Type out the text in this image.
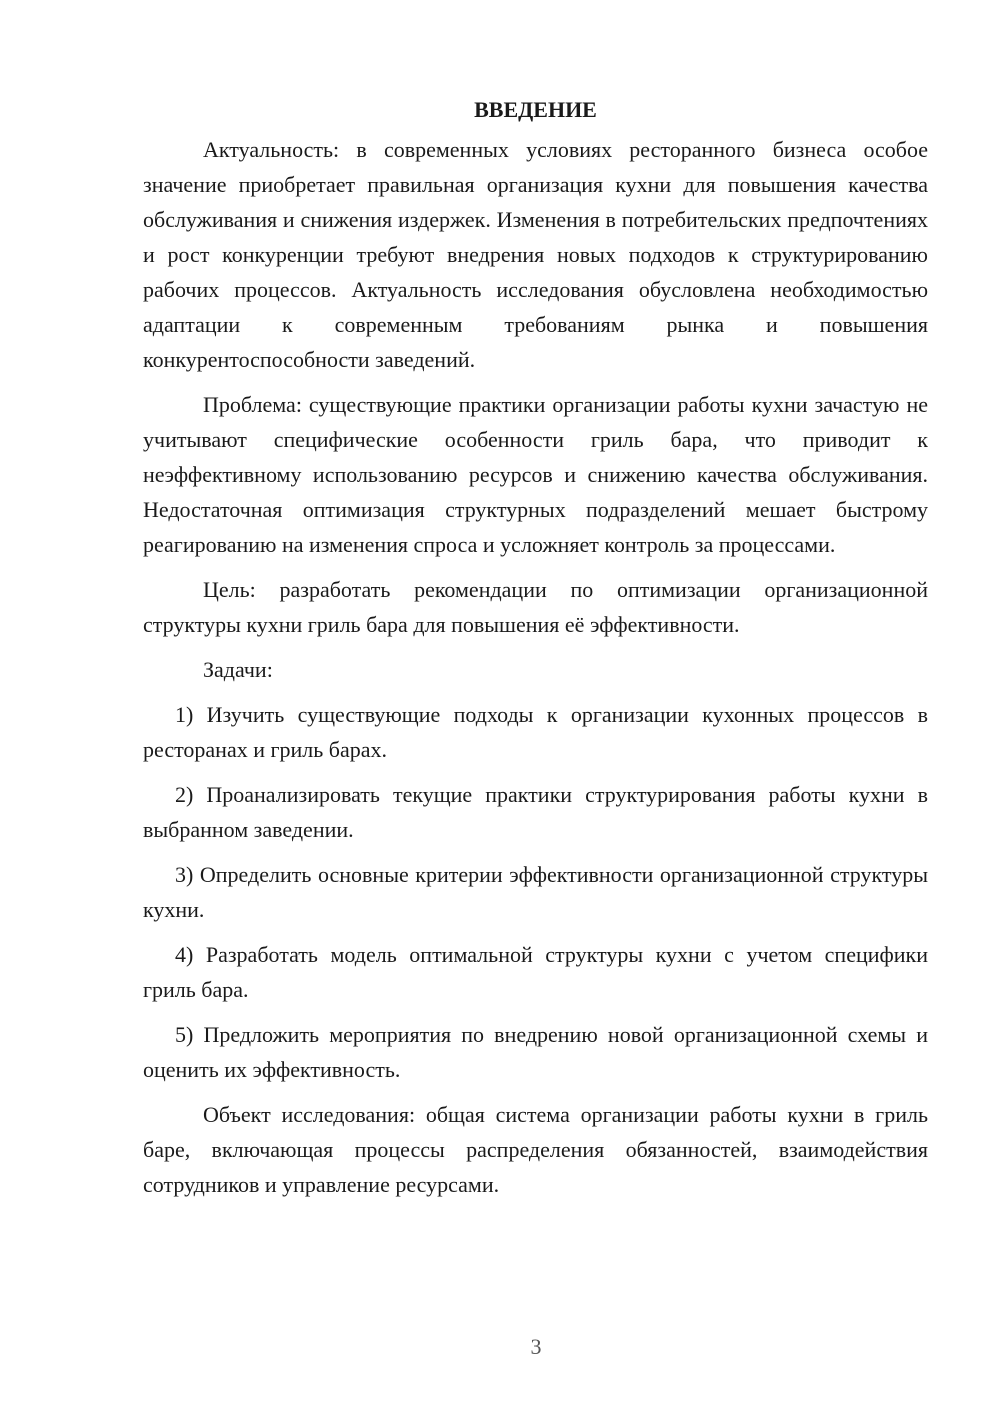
ВВЕДЕНИЕ

Актуальность: в современных условиях ресторанного бизнеса особое значение приобретает правильная организация кухни для повышения качества обслуживания и снижения издержек. Изменения в потребительских предпочтениях и рост конкуренции требуют внедрения новых подходов к структурированию рабочих процессов. Актуальность исследования обусловлена необходимостью адаптации к современным требованиям рынка и повышения конкурентоспособности заведений.

Проблема: существующие практики организации работы кухни зачастую не учитывают специфические особенности гриль бара, что приводит к неэффективному использованию ресурсов и снижению качества обслуживания. Недостаточная оптимизация структурных подразделений мешает быстрому реагированию на изменения спроса и усложняет контроль за процессами.

Цель: разработать рекомендации по оптимизации организационной структуры кухни гриль бара для повышения её эффективности.

Задачи:

1) Изучить существующие подходы к организации кухонных процессов в ресторанах и гриль барах.

2) Проанализировать текущие практики структурирования работы кухни в выбранном заведении.

3) Определить основные критерии эффективности организационной структуры кухни.

4) Разработать модель оптимальной структуры кухни с учетом специфики гриль бара.

5) Предложить мероприятия по внедрению новой организационной схемы и оценить их эффективность.

Объект исследования: общая система организации работы кухни в гриль баре, включающая процессы распределения обязанностей, взаимодействия сотрудников и управление ресурсами.

3
